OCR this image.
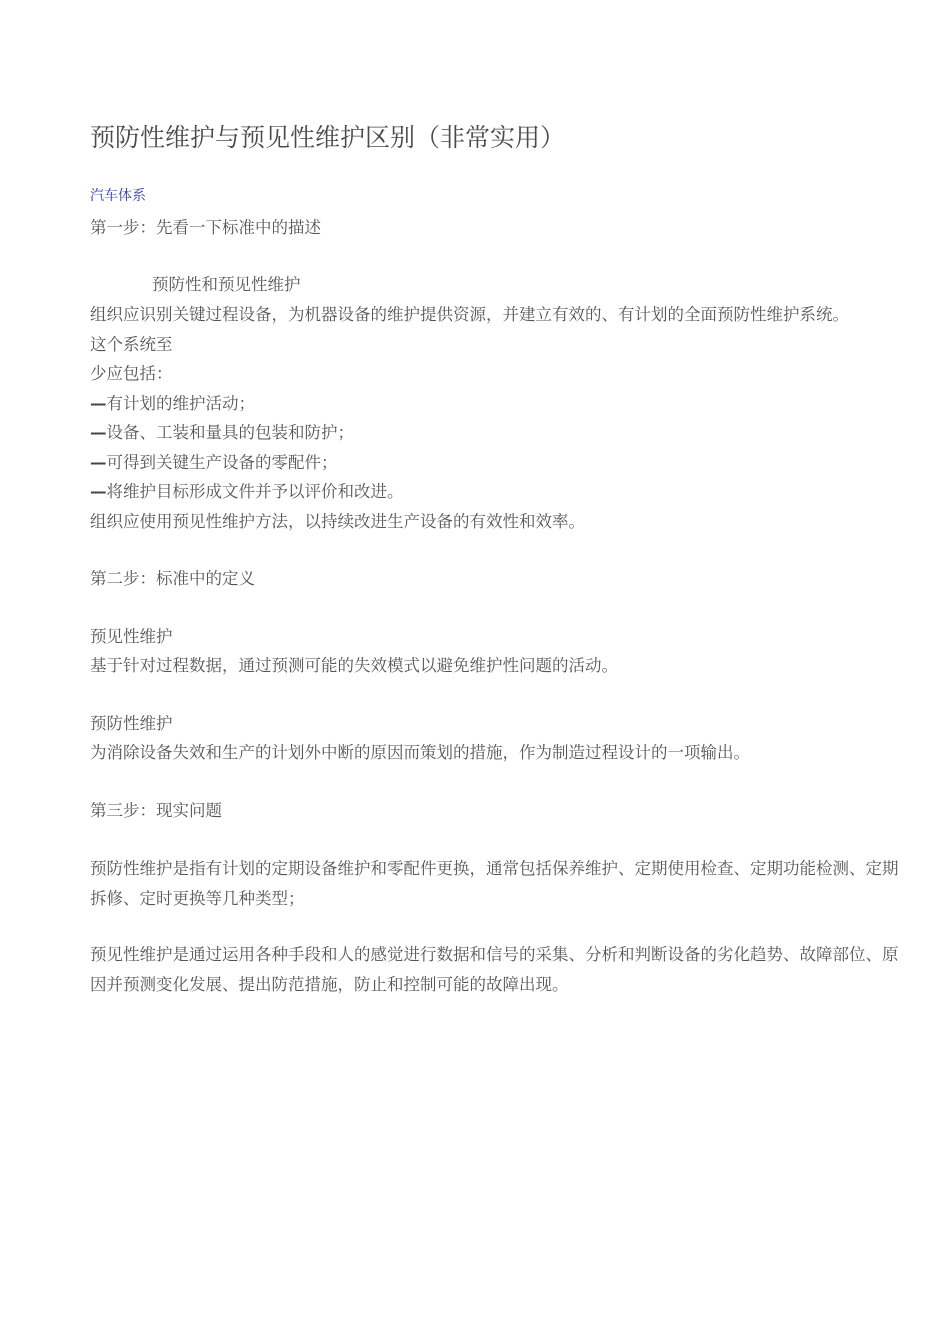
预防性维护与预见性维护区别（非常实用）
汽车体系
第一步：先看一下标准中的描述
预防性和预见性维护
组织应识别关键过程设备，为机器设备的维护提供资源，并建立有效的、有计划的全面预防性维护系统。
这个系统至
少应包括：
—有计划的维护活动；
—设备、工装和量具的包装和防护；
—可得到关键生产设备的零配件；
—将维护目标形成文件并予以评价和改进。
组织应使用预见性维护方法，以持续改进生产设备的有效性和效率。
第二步：标准中的定义
预见性维护
基于针对过程数据，通过预测可能的失效模式以避免维护性问题的活动。
预防性维护
为消除设备失效和生产的计划外中断的原因而策划的措施，作为制造过程设计的一项输出。
第三步：现实问题
预防性维护是指有计划的定期设备维护和零配件更换，通常包括保养维护、定期使用检查、定期功能检测、定期拆修、定时更换等几种类型；
预见性维护是通过运用各种手段和人的感觉进行数据和信号的采集、分析和判断设备的劣化趋势、故障部位、原因并预测变化发展、提出防范措施，防止和控制可能的故障出现。
